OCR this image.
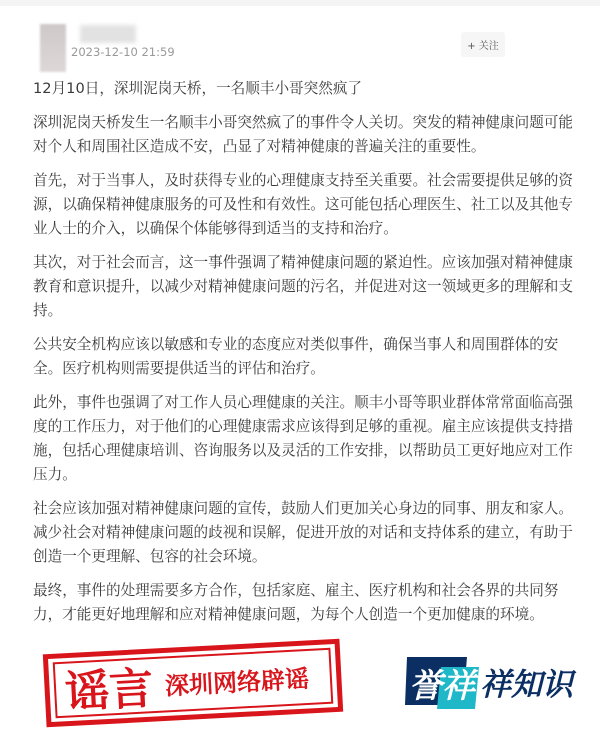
2023-12-10 21:59	+ 关注

12月10日，深圳泥岗天桥，一名顺丰小哥突然疯了

深圳泥岗天桥发生一名顺丰小哥突然疯了的事件令人关切。突发的精神健康问题可能对个人和周围社区造成不安，凸显了对精神健康的普遍关注的重要性。

首先，对于当事人，及时获得专业的心理健康支持至关重要。社会需要提供足够的资源，以确保精神健康服务的可及性和有效性。这可能包括心理医生、社工以及其他专业人士的介入，以确保个体能够得到适当的支持和治疗。

其次，对于社会而言，这一事件强调了精神健康问题的紧迫性。应该加强对精神健康教育和意识提升，以减少对精神健康问题的污名，并促进对这一领域更多的理解和支持。

公共安全机构应该以敏感和专业的态度应对类似事件，确保当事人和周围群体的安全。医疗机构则需要提供适当的评估和治疗。

此外，事件也强调了对工作人员心理健康的关注。顺丰小哥等职业群体常常面临高强度的工作压力，对于他们的心理健康需求应该得到足够的重视。雇主应该提供支持措施，包括心理健康培训、咨询服务以及灵活的工作安排，以帮助员工更好地应对工作压力。

社会应该加强对精神健康问题的宣传，鼓励人们更加关心身边的同事、朋友和家人。减少社会对精神健康问题的歧视和误解，促进开放的对话和支持体系的建立，有助于创造一个更理解、包容的社会环境。

最终，事件的处理需要多方合作，包括家庭、雇主、医疗机构和社会各界的共同努力，才能更好地理解和应对精神健康问题，为每个人创造一个更加健康的环境。

谣言 深圳网络辟谣	誉祥 祥知识
